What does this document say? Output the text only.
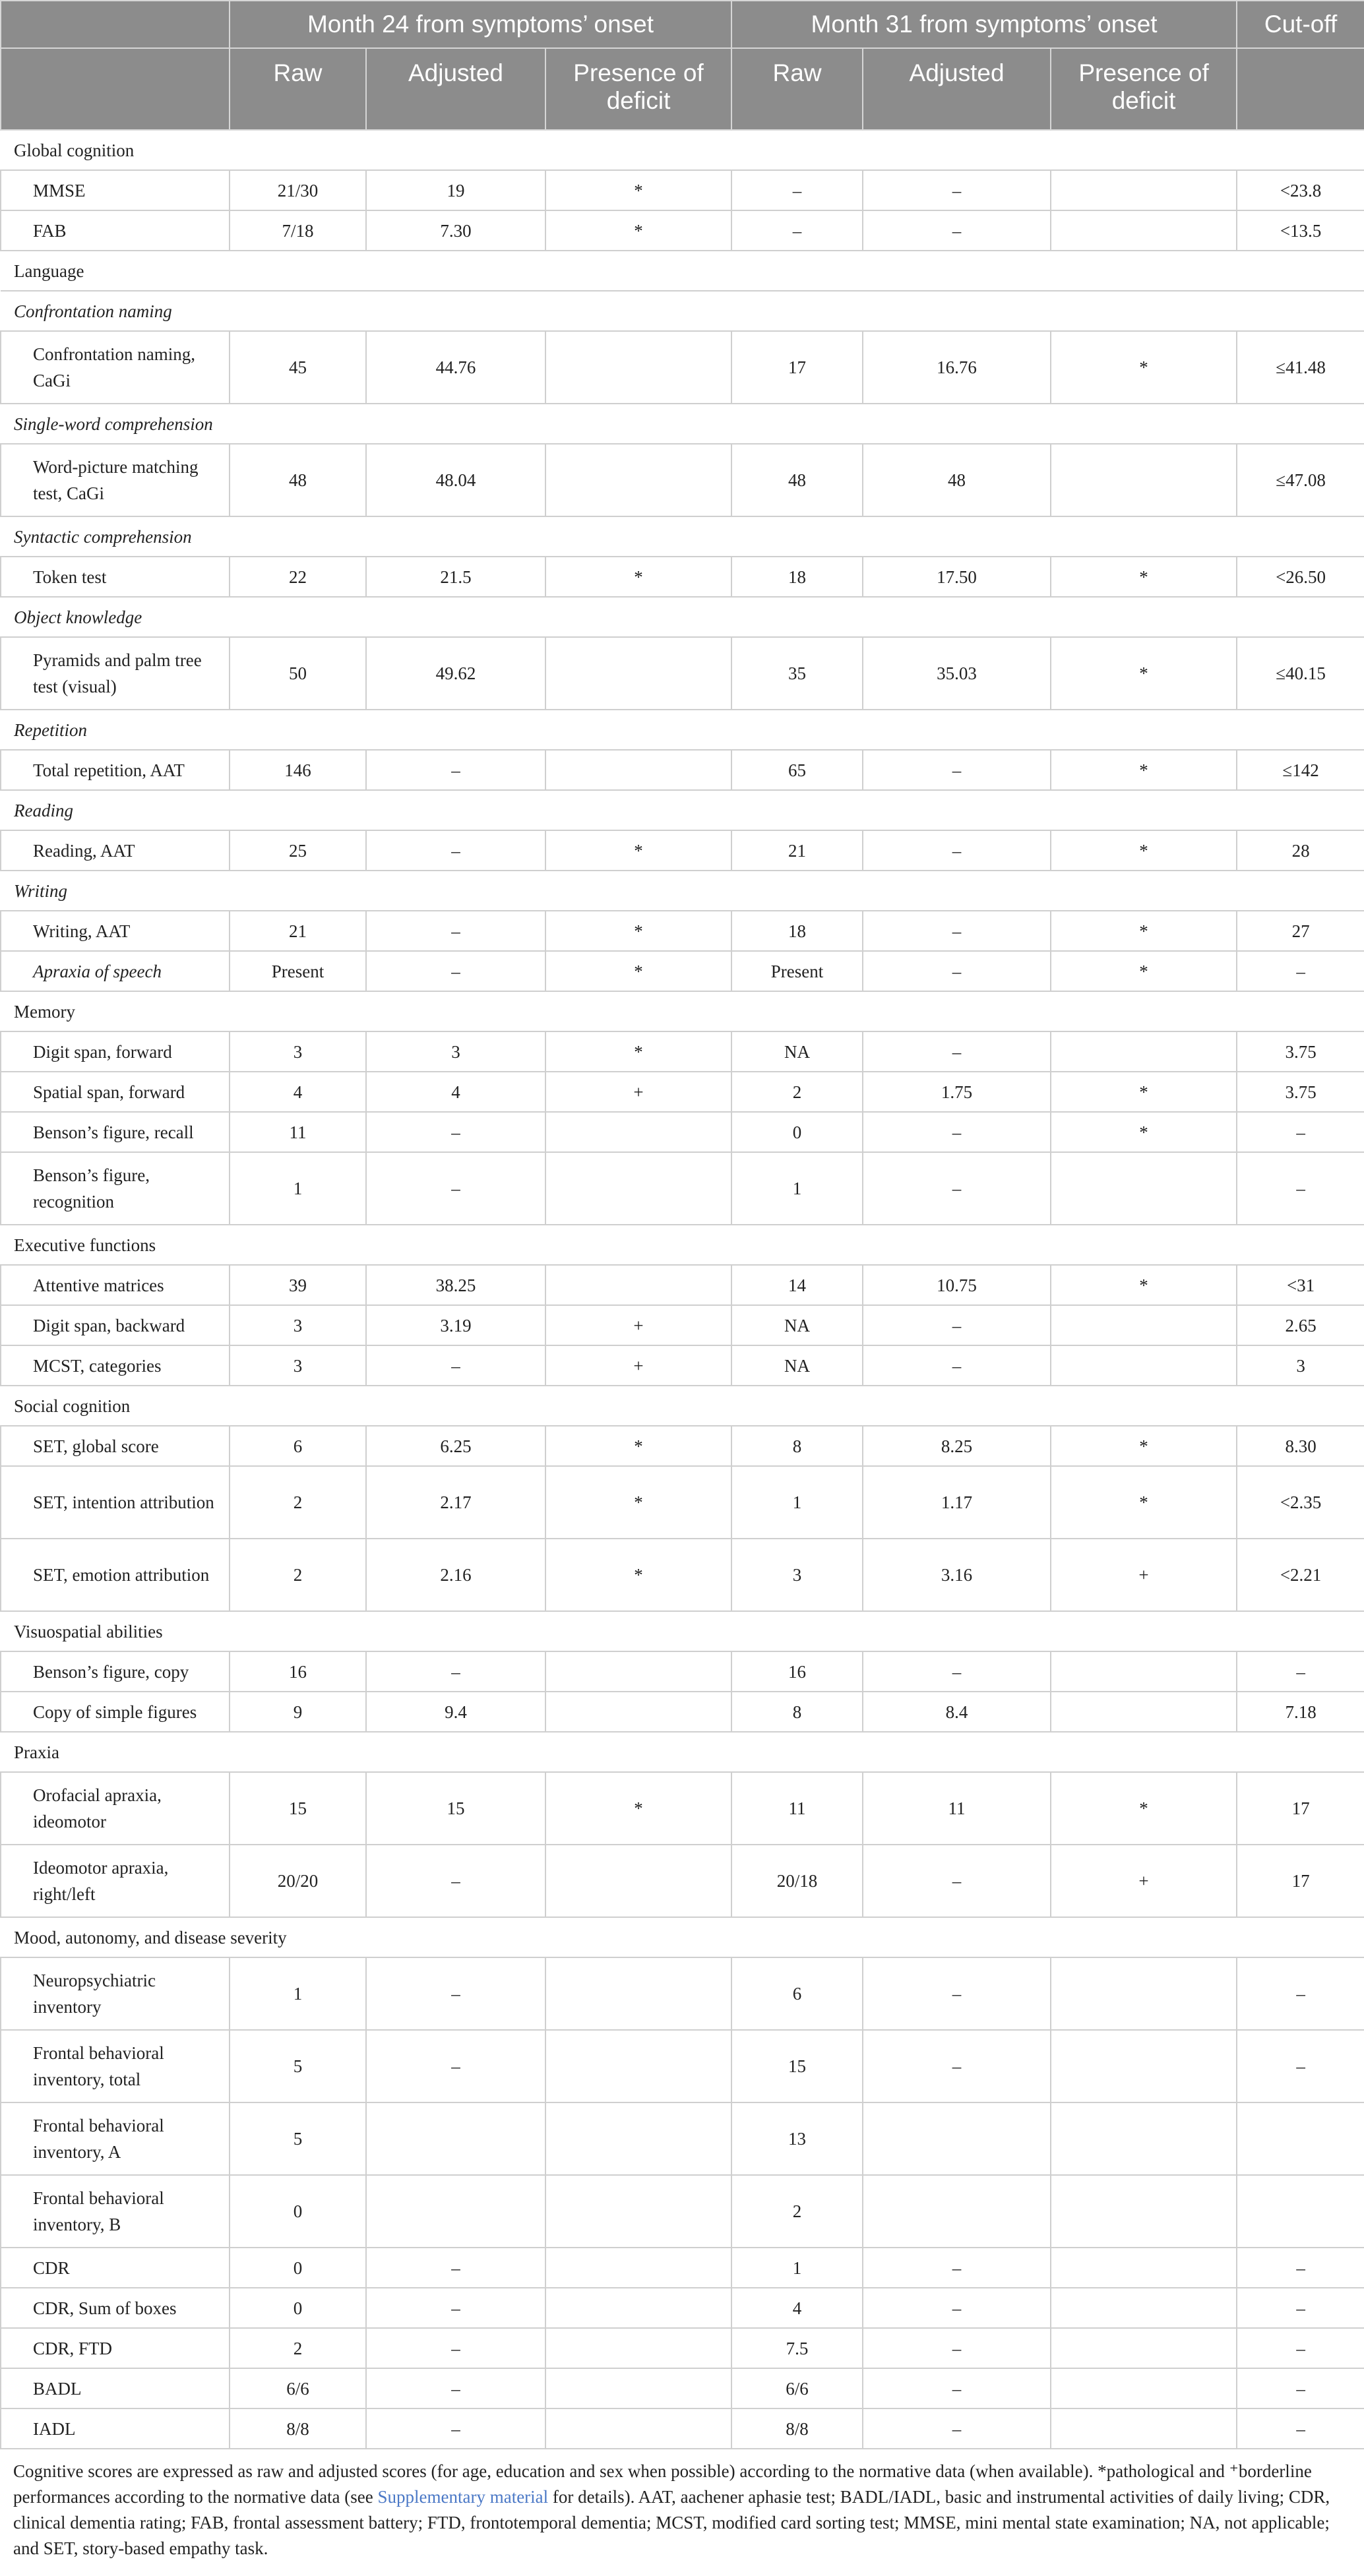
	Month 24 from symptoms’ onset			Month 31 from symptoms’ onset			Cut-off
	Raw	Adjusted	Presence of deficit	Raw	Adjusted	Presence of deficit	
Global cognition							
MMSE	21/30	19	*	–	–		<23.8
FAB	7/18	7.30	*	–	–		<13.5
Language							
Confrontation naming							
Confrontation naming, CaGi	45	44.76		17	16.76	*	≤41.48
Single-word comprehension							
Word-picture matching test, CaGi	48	48.04		48	48		≤47.08
Syntactic comprehension							
Token test	22	21.5	*	18	17.50	*	<26.50
Object knowledge							
Pyramids and palm tree test (visual)	50	49.62		35	35.03	*	≤40.15
Repetition							
Total repetition, AAT	146	–		65	–	*	≤142
Reading							
Reading, AAT	25	–	*	21	–	*	28
Writing							
Writing, AAT	21	–	*	18	–	*	27
Apraxia of speech	Present	–	*	Present	–	*	–
Memory							
Digit span, forward	3	3	*	NA	–		3.75
Spatial span, forward	4	4	+	2	1.75	*	3.75
Benson’s figure, recall	11	–		0	–	*	–
Benson’s figure, recognition	1	–		1	–		–
Executive functions							
Attentive matrices	39	38.25		14	10.75	*	<31
Digit span, backward	3	3.19	+	NA	–		2.65
MCST, categories	3	–	+	NA	–		3
Social cognition							
SET, global score	6	6.25	*	8	8.25	*	8.30
SET, intention attribution	2	2.17	*	1	1.17	*	<2.35
SET, emotion attribution	2	2.16	*	3	3.16	+	<2.21
Visuospatial abilities							
Benson’s figure, copy	16	–		16	–		–
Copy of simple figures	9	9.4		8	8.4		7.18
Praxia							
Orofacial apraxia, ideomotor	15	15	*	11	11	*	17
Ideomotor apraxia, right/left	20/20	–		20/18	–	+	17
Mood, autonomy, and disease severity							
Neuropsychiatric inventory	1	–		6	–		–
Frontal behavioral inventory, total	5	–		15	–		–
Frontal behavioral inventory, A	5			13			
Frontal behavioral inventory, B	0			2			
CDR	0	–		1	–		–
CDR, Sum of boxes	0	–		4	–		–
CDR, FTD	2	–		7.5	–		–
BADL	6/6	–		6/6	–		–
IADL	8/8	–		8/8	–		–

Cognitive scores are expressed as raw and adjusted scores (for age, education and sex when possible) according to the normative data (when available). *pathological and ⁺borderline performances according to the normative data (see Supplementary material for details). AAT, aachener aphasie test; BADL/IADL, basic and instrumental activities of daily living; CDR, clinical dementia rating; FAB, frontal assessment battery; FTD, frontotemporal dementia; MCST, modified card sorting test; MMSE, mini mental state examination; NA, not applicable; and SET, story-based empathy task.
